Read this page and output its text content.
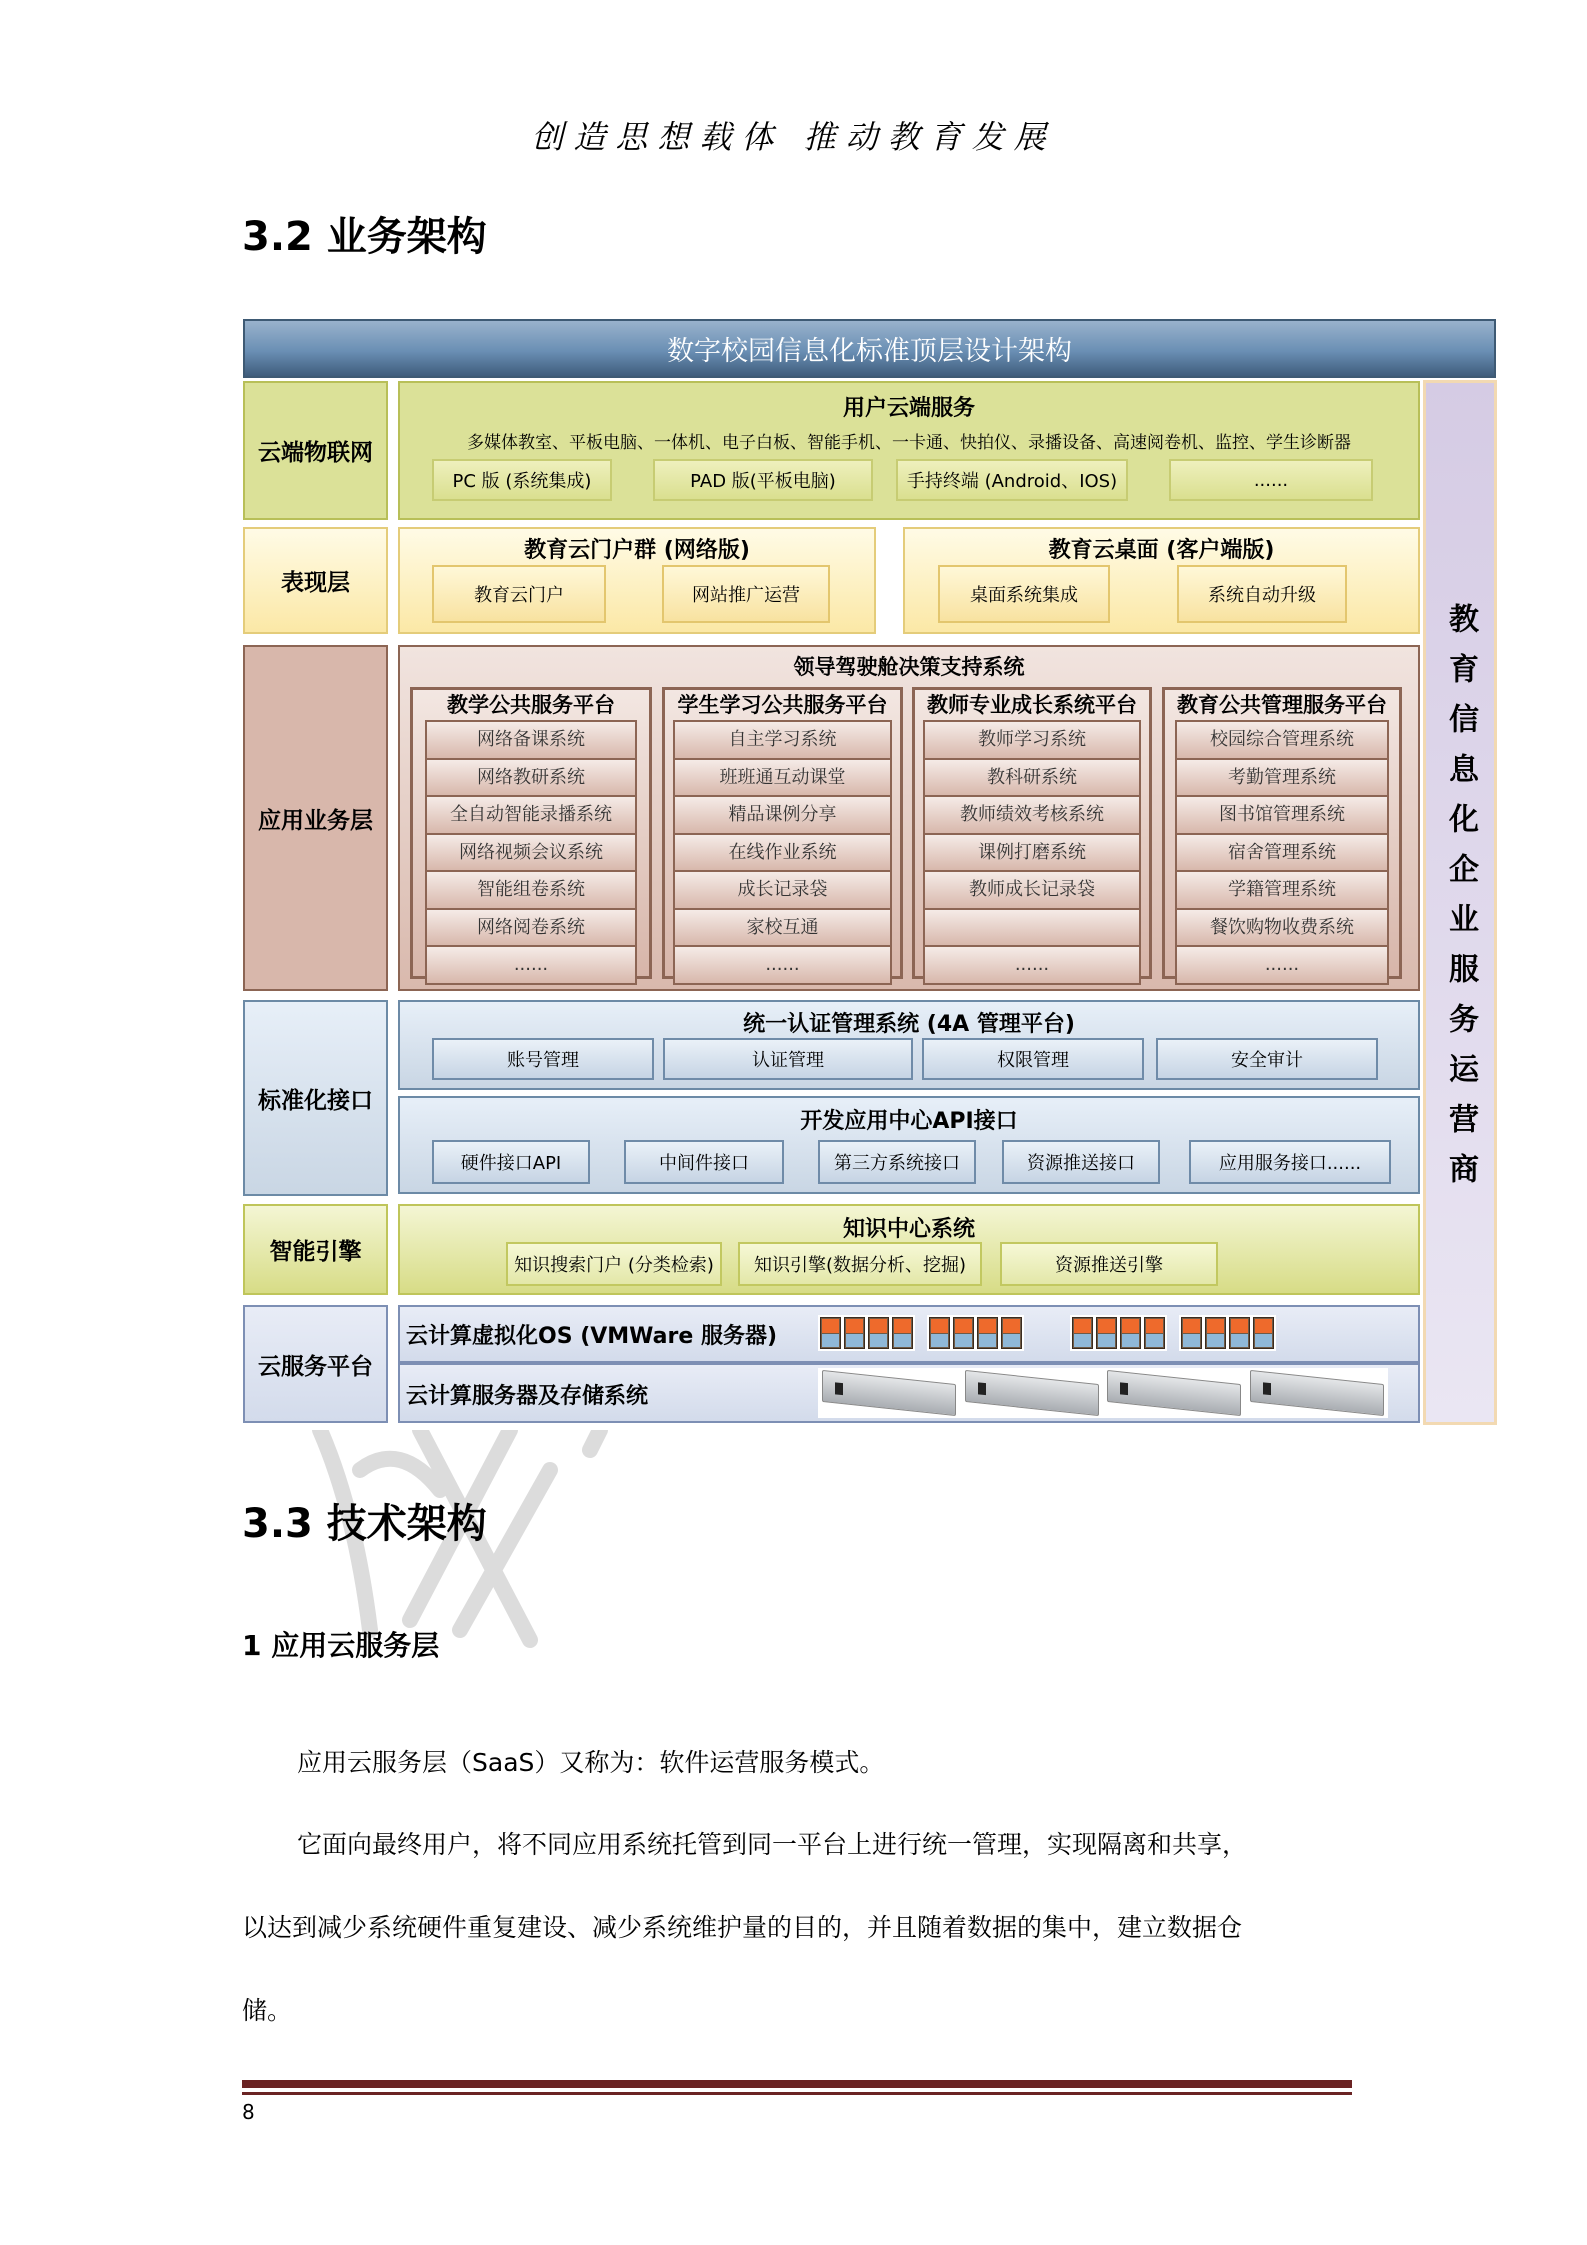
创造思想载体 推动教育发展
3.2 业务架构
数字校园信息化标准顶层设计架构
教育信息化企业服务运营商
云端物联网
用户云端服务
多媒体教室、平板电脑、一体机、电子白板、智能手机、一卡通、快拍仪、录播设备、高速阅卷机、监控、学生诊断器
PC 版 (系统集成)	PAD 版(平板电脑)	手持终端 (Android、IOS)	......
表现层
教育云门户群 (网络版)
教育云门户	网站推广运营
教育云桌面 (客户端版)
桌面系统集成	系统自动升级
应用业务层
领导驾驶舱决策支持系统
教学公共服务平台
网络备课系统
网络教研系统
全自动智能录播系统
网络视频会议系统
智能组卷系统
网络阅卷系统
......
学生学习公共服务平台
自主学习系统
班班通互动课堂
精品课例分享
在线作业系统
成长记录袋
家校互通
......
教师专业成长系统平台
教师学习系统
教科研系统
教师绩效考核系统
课例打磨系统
教师成长记录袋
......
教育公共管理服务平台
校园综合管理系统
考勤管理系统
图书馆管理系统
宿舍管理系统
学籍管理系统
餐饮购物收费系统
......
标准化接口
统一认证管理系统 (4A 管理平台)
账号管理	认证管理	权限管理	安全审计
开发应用中心API接口
硬件接口API	中间件接口	第三方系统接口	资源推送接口	应用服务接口......
智能引擎
知识中心系统
知识搜索门户 (分类检索)	知识引擎(数据分析、挖掘)	资源推送引擎
云服务平台
云计算虚拟化OS (VMWare 服务器)
云计算服务器及存储系统
3.3 技术架构
1 应用云服务层
应用云服务层（SaaS）又称为：软件运营服务模式。
它面向最终用户，将不同应用系统托管到同一平台上进行统一管理，实现隔离和共享，
以达到减少系统硬件重复建设、减少系统维护量的目的，并且随着数据的集中，建立数据仓
储。
8
